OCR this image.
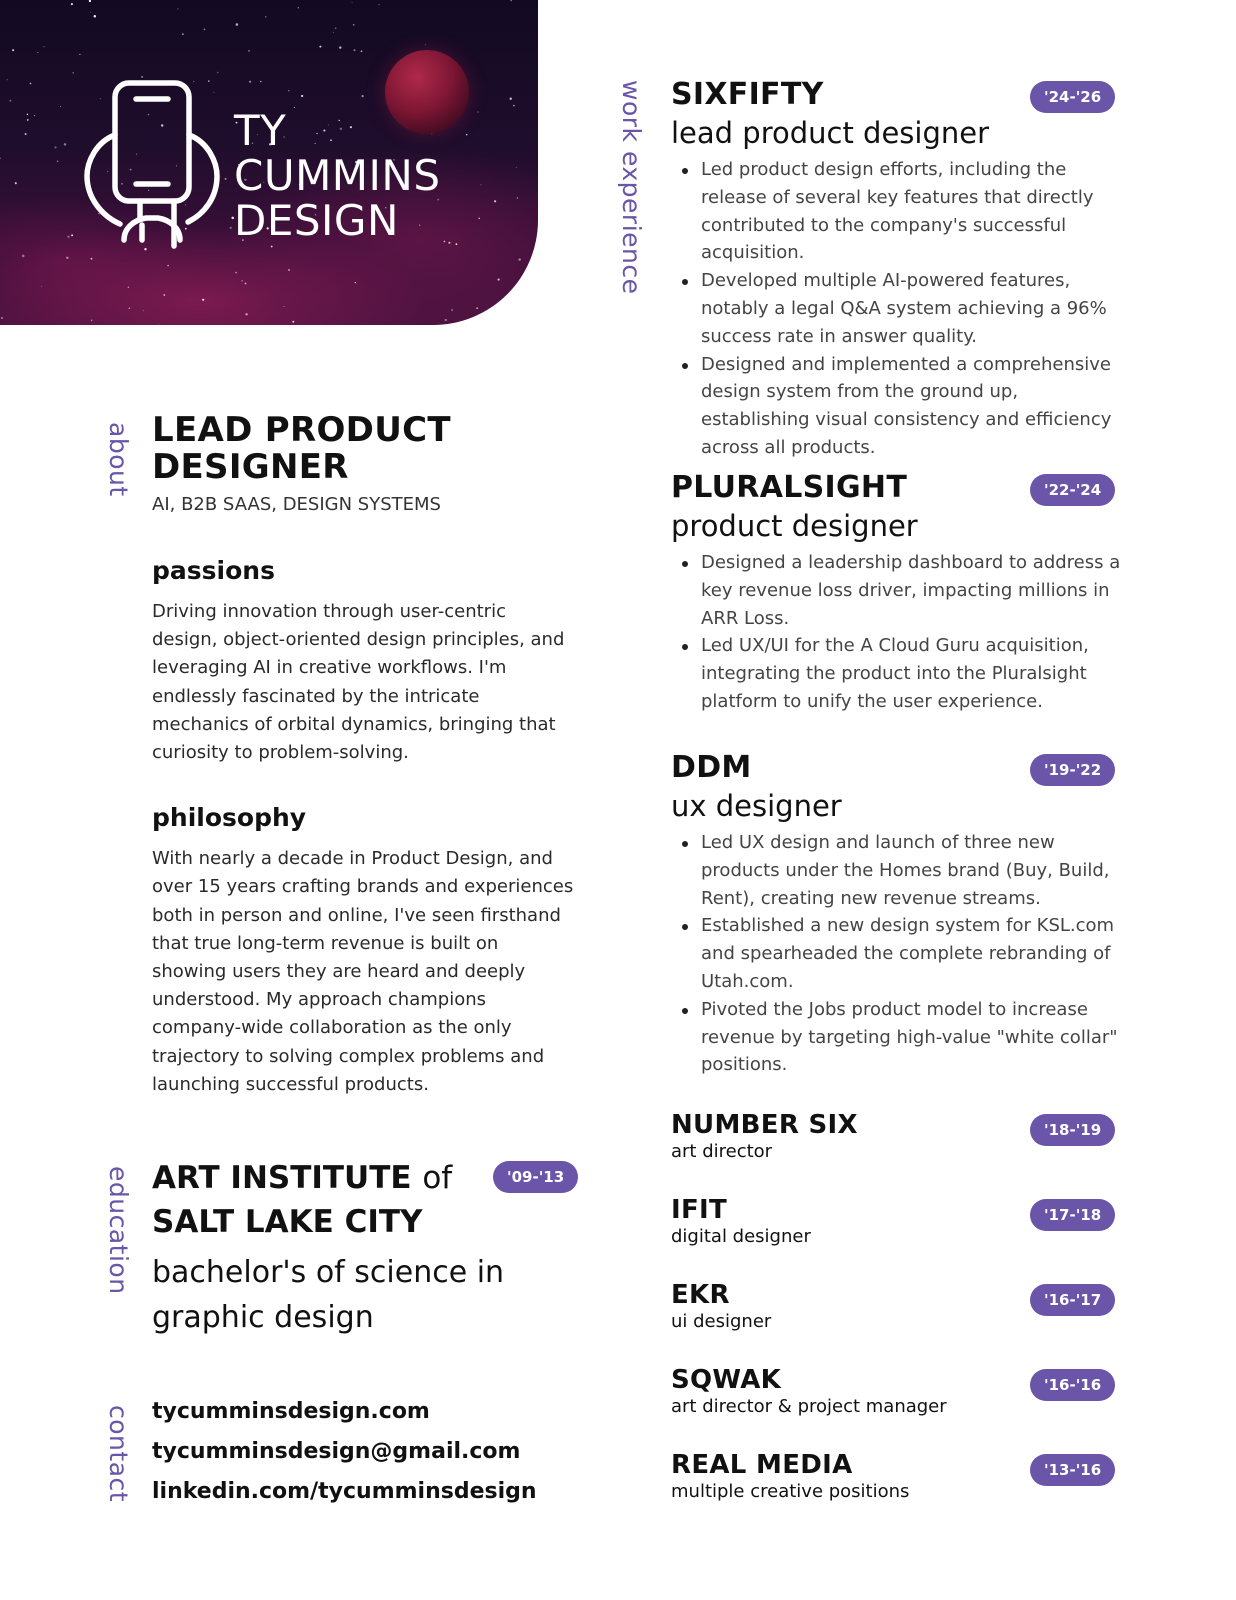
TY
CUMMINS
DESIGN
about
education
contact
work experience
LEAD PRODUCT
DESIGNER
AI, B2B SAAS, DESIGN SYSTEMS
passions

Driving innovation through user-centric design, object-oriented design principles, and leveraging AI in creative workflows. I'm endlessly fascinated by the intricate mechanics of orbital dynamics, bringing that curiosity to problem-solving.

philosophy

With nearly a decade in Product Design, and over 15 years crafting brands and experiences both in person and online, I've seen firsthand that true long-term revenue is built on showing users they are heard and deeply understood. My approach champions company-wide collaboration as the only trajectory to solving complex problems and launching successful products.

ART INSTITUTE of
SALT LAKE CITY
bachelor's of science in graphic design
'09-'13
tycumminsdesign.com
tycumminsdesign@gmail.com
linkedin.com/tycumminsdesign
SIXFIFTY
lead product designer
Led product design efforts, including the release of several key features that directly contributed to the company's successful acquisition.
Developed multiple AI-powered features, notably a legal Q&A system achieving a 96% success rate in answer quality.
Designed and implemented a comprehensive design system from the ground up, establishing visual consistency and efficiency across all products.
'24-'26
PLURALSIGHT
product designer
Designed a leadership dashboard to address a key revenue loss driver, impacting millions in ARR Loss.
Led UX/UI for the A Cloud Guru acquisition, integrating the product into the Pluralsight platform to unify the user experience.
'22-'24
DDM
ux designer
Led UX design and launch of three new products under the Homes brand (Buy, Build, Rent), creating new revenue streams.
Established a new design system for KSL.com and spearheaded the complete rebranding of Utah.com.
Pivoted the Jobs product model to increase revenue by targeting high-value "white collar" positions.
'19-'22
NUMBER SIX
art director
'18-'19
IFIT
digital designer
'17-'18
EKR
ui designer
'16-'17
SQWAK
art director & project manager
'16-'16
REAL MEDIA
multiple creative positions
'13-'16
